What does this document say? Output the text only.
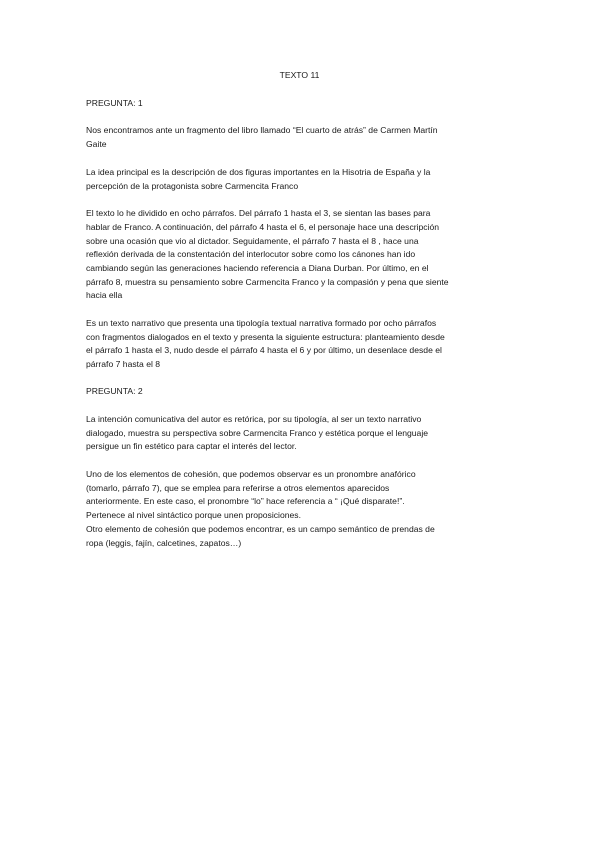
TEXTO 11
PREGUNTA: 1
Nos encontramos ante un fragmento del libro llamado “El cuarto de atrás” de Carmen Martín
Gaite
La idea principal es la descripción de dos figuras importantes en la Hisotria de España y la
percepción de la protagonista sobre Carmencita Franco
El texto lo he dividido en ocho párrafos. Del párrafo 1 hasta el 3, se sientan las bases para
hablar de Franco. A continuación, del párrafo 4 hasta el 6, el personaje hace una descripción
sobre una ocasión que vio al dictador. Seguidamente, el párrafo 7 hasta el 8 , hace una
reflexión derivada de la constentación del interlocutor sobre como los cánones han ido
cambiando según las generaciones haciendo referencia a Diana Durban. Por último, en el
párrafo 8, muestra su pensamiento sobre Carmencita Franco y la compasión y pena que siente
hacia ella
Es un texto narrativo que presenta una tipología textual narrativa formado por ocho párrafos
con fragmentos dialogados en el texto y presenta la siguiente estructura: planteamiento desde
el párrafo 1 hasta el 3, nudo desde el párrafo 4 hasta el 6 y por último, un desenlace desde el
párrafo 7 hasta el 8
PREGUNTA: 2
La intención comunicativa del autor es retórica, por su tipología, al ser un texto narrativo
dialogado, muestra su perspectiva sobre Carmencita Franco y estética porque el lenguaje
persigue un fin estético para captar el interés del lector.
Uno de los elementos de cohesión, que podemos observar es un pronombre anafórico
(tomarlo, párrafo 7), que se emplea para referirse a otros elementos aparecidos
anteriormente. En este caso, el pronombre “lo” hace referencia a “ ¡Qué disparate!”.
Pertenece al nivel sintáctico porque unen proposiciones.
Otro elemento de cohesión que podemos encontrar, es un campo semántico de prendas de
ropa (leggis, fajín, calcetines, zapatos…)
